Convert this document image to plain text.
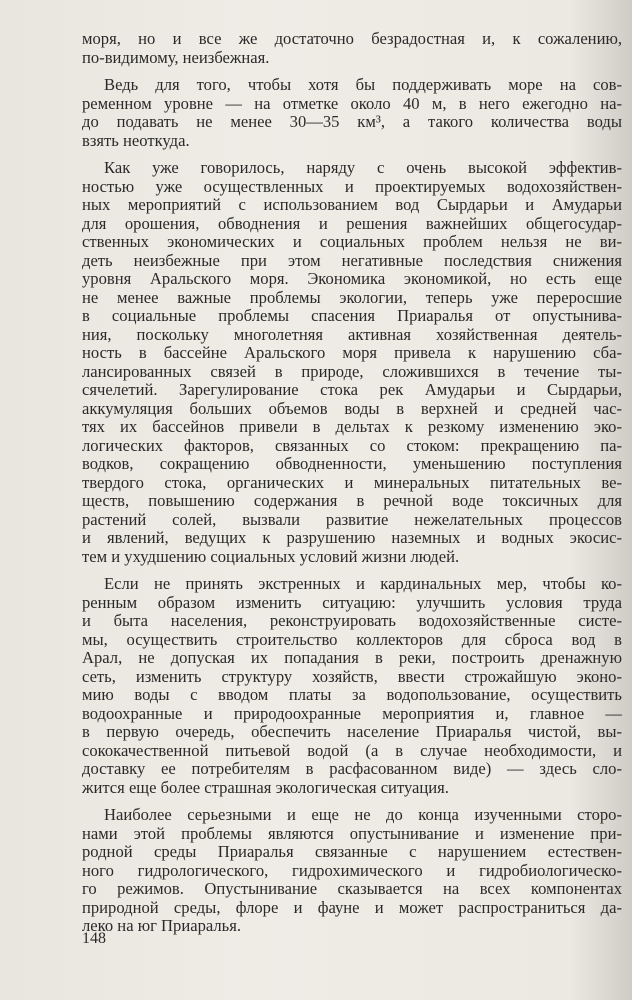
моря, но и все же достаточно безрадостная и, к сожалению,
по-видимому, неизбежная.
Ведь для того, чтобы хотя бы поддерживать море на сов-
ременном уровне — на отметке около 40 м, в него ежегодно на-
до подавать не менее 30—35 км³, а такого количества воды
взять неоткуда.
Как уже говорилось, наряду с очень высокой эффектив-
ностью уже осуществленных и проектируемых водохозяйствен-
ных мероприятий с использованием вод Сырдарьи и Амударьи
для орошения, обводнения и решения важнейших общегосудар-
ственных экономических и социальных проблем нельзя не ви-
деть неизбежные при этом негативные последствия снижения
уровня Аральского моря. Экономика экономикой, но есть еще
не менее важные проблемы экологии, теперь уже переросшие
в социальные проблемы спасения Приаралья от опустынива-
ния, поскольку многолетняя активная хозяйственная деятель-
ность в бассейне Аральского моря привела к нарушению сба-
лансированных связей в природе, сложившихся в течение ты-
сячелетий. Зарегулирование стока рек Амударьи и Сырдарьи,
аккумуляция больших объемов воды в верхней и средней час-
тях их бассейнов привели в дельтах к резкому изменению эко-
логических факторов, связанных со стоком: прекращению па-
водков, сокращению обводненности, уменьшению поступления
твердого стока, органических и минеральных питательных ве-
ществ, повышению содержания в речной воде токсичных для
растений солей, вызвали развитие нежелательных процессов
и явлений, ведущих к разрушению наземных и водных экосис-
тем и ухудшению социальных условий жизни людей.
Если не принять экстренных и кардинальных мер, чтобы ко-
ренным образом изменить ситуацию: улучшить условия труда
и быта населения, реконструировать водохозяйственные систе-
мы, осуществить строительство коллекторов для сброса вод в
Арал, не допуская их попадания в реки, построить дренажную
сеть, изменить структуру хозяйств, ввести строжайшую эконо-
мию воды с вводом платы за водопользование, осуществить
водоохранные и природоохранные мероприятия и, главное —
в первую очередь, обеспечить население Приаралья чистой, вы-
сококачественной питьевой водой (а в случае необходимости, и
доставку ее потребителям в расфасованном виде) — здесь сло-
жится еще более страшная экологическая ситуация.
Наиболее серьезными и еще не до конца изученными сторо-
нами этой проблемы являются опустынивание и изменение при-
родной среды Приаралья связанные с нарушением естествен-
ного гидрологического, гидрохимического и гидробиологическо-
го режимов. Опустынивание сказывается на всех компонентах
природной среды, флоре и фауне и может распространиться да-
леко на юг Приаралья.
148
